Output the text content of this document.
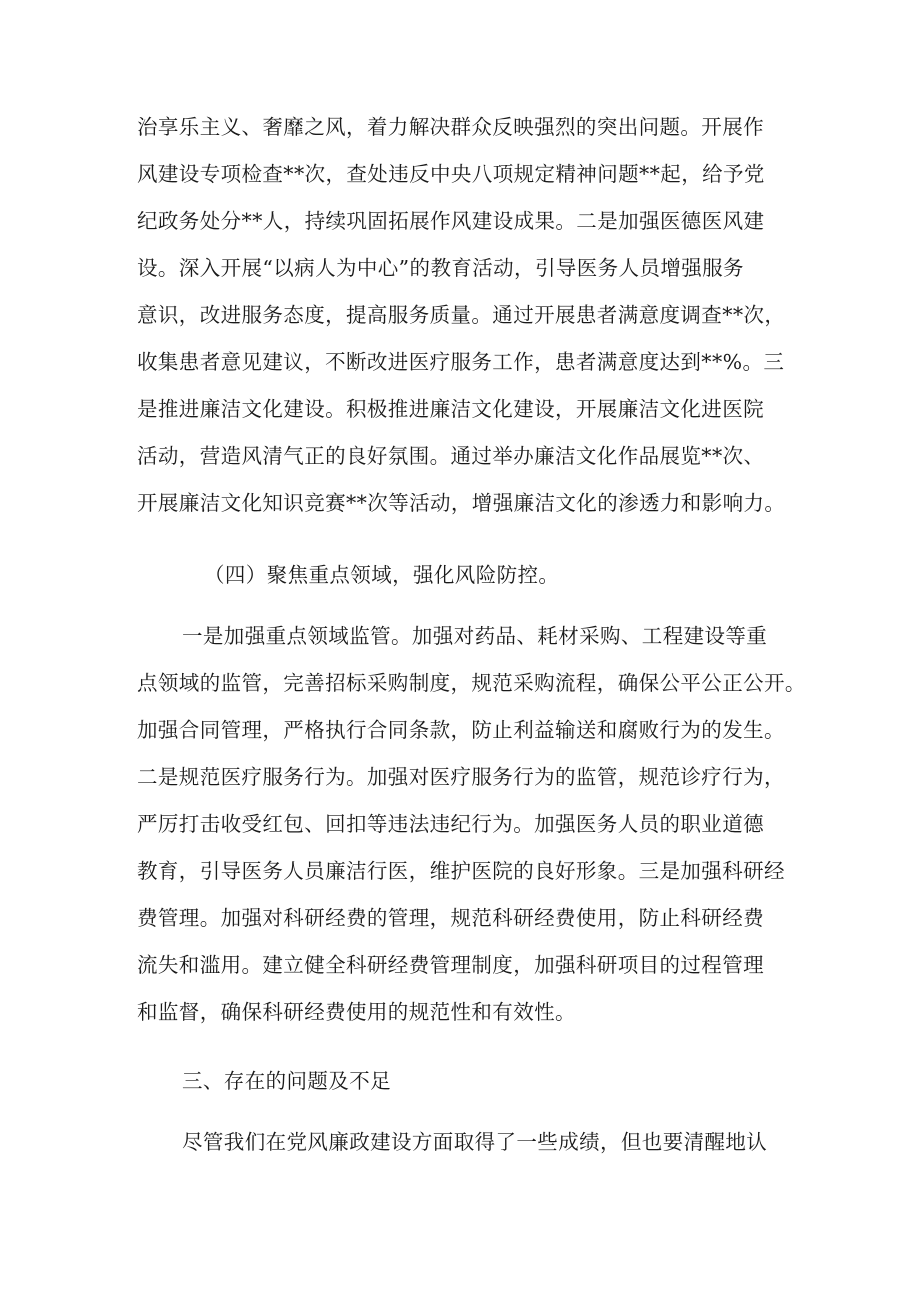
治享乐主义、奢靡之风，着力解决群众反映强烈的突出问题。开展作
风建设专项检查**次，查处违反中央八项规定精神问题**起，给予党
纪政务处分**人，持续巩固拓展作风建设成果。二是加强医德医风建
设。深入开展“以病人为中心”的教育活动，引导医务人员增强服务
意识，改进服务态度，提高服务质量。通过开展患者满意度调查**次，
收集患者意见建议，不断改进医疗服务工作，患者满意度达到**%。三
是推进廉洁文化建设。积极推进廉洁文化建设，开展廉洁文化进医院
活动，营造风清气正的良好氛围。通过举办廉洁文化作品展览**次、
开展廉洁文化知识竞赛**次等活动，增强廉洁文化的渗透力和影响力。
（四）聚焦重点领域，强化风险防控。
一是加强重点领域监管。加强对药品、耗材采购、工程建设等重
点领域的监管，完善招标采购制度，规范采购流程，确保公平公正公开。
加强合同管理，严格执行合同条款，防止利益输送和腐败行为的发生。
二是规范医疗服务行为。加强对医疗服务行为的监管，规范诊疗行为，
严厉打击收受红包、回扣等违法违纪行为。加强医务人员的职业道德
教育，引导医务人员廉洁行医，维护医院的良好形象。三是加强科研经
费管理。加强对科研经费的管理，规范科研经费使用，防止科研经费
流失和滥用。建立健全科研经费管理制度，加强科研项目的过程管理
和监督，确保科研经费使用的规范性和有效性。
三、存在的问题及不足
尽管我们在党风廉政建设方面取得了一些成绩，但也要清醒地认
